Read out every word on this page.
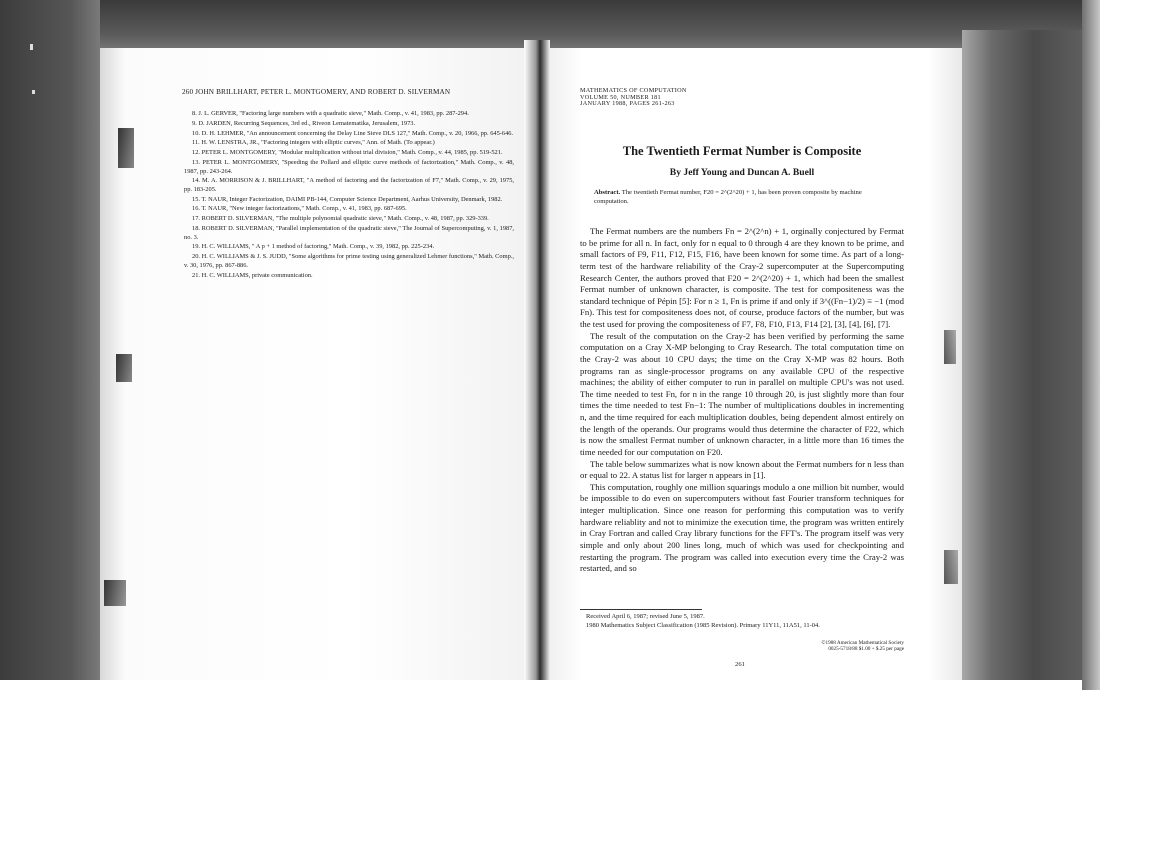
260 JOHN BRILLHART, PETER L. MONTGOMERY, AND ROBERT D. SILVERMAN
8. J. L. GERVER, "Factoring large numbers with a quadratic sieve," Math. Comp., v. 41, 1983, pp. 287-294.
9. D. JARDEN, Recurring Sequences, 3rd ed., Riveon Lematematika, Jerusalem, 1973.
10. D. H. LEHMER, "An announcement concerning the Delay Line Sieve DLS 127," Math. Comp., v. 20, 1966, pp. 645-646.
11. H. W. LENSTRA, JR., "Factoring integers with elliptic curves," Ann. of Math. (To appear.)
12. PETER L. MONTGOMERY, "Modular multiplication without trial division," Math. Comp., v. 44, 1985, pp. 519-521.
13. PETER L. MONTGOMERY, "Speeding the Pollard and elliptic curve methods of factorization," Math. Comp., v. 48, 1987, pp. 243-264.
14. M. A. MORRISON & J. BRILLHART, "A method of factoring and the factorization of F7," Math. Comp., v. 29, 1975, pp. 183-205.
15. T. NAUR, Integer Factorization, DAIMI PB-144, Computer Science Department, Aarhus University, Denmark, 1982.
16. T. NAUR, "New integer factorizations," Math. Comp., v. 41, 1983, pp. 687-695.
17. ROBERT D. SILVERMAN, "The multiple polynomial quadratic sieve," Math. Comp., v. 48, 1987, pp. 329-339.
18. ROBERT D. SILVERMAN, "Parallel implementation of the quadratic sieve," The Journal of Supercomputing, v. 1, 1987, no. 3.
19. H. C. WILLIAMS, " A p + 1 method of factoring," Math. Comp., v. 39, 1982, pp. 225-234.
20. H. C. WILLIAMS & J. S. JUDD, "Some algorithms for prime testing using generalized Lehmer functions," Math. Comp., v. 30, 1976, pp. 867-886.
21. H. C. WILLIAMS, private communication.
MATHEMATICS OF COMPUTATION
VOLUME 50, NUMBER 181
JANUARY 1988, PAGES 261-263
The Twentieth Fermat Number is Composite
By Jeff Young and Duncan A. Buell
Abstract. The twentieth Fermat number, F20 = 2^(2^20) + 1, has been proven composite by machine computation.

The Fermat numbers are the numbers Fn = 2^(2^n) + 1, orginally conjectured by Fermat to be prime for all n. In fact, only for n equal to 0 through 4 are they known to be prime, and small factors of F9, F11, F12, F15, F16, have been known for some time. As part of a long-term test of the hardware reliability of the Cray-2 supercomputer at the Supercomputing Research Center, the authors proved that F20 = 2^(2^20) + 1, which had been the smallest Fermat number of unknown character, is composite. The test for compositeness was the standard technique of Pépin [5]: For n ≥ 1, Fn is prime if and only if 3^((Fn−1)/2) ≡ −1 (mod Fn). This test for compositeness does not, of course, produce factors of the number, but was the test used for proving the compositeness of F7, F8, F10, F13, F14 [2], [3], [4], [6], [7].

The result of the computation on the Cray-2 has been verified by performing the same computation on a Cray X-MP belonging to Cray Research. The total computation time on the Cray-2 was about 10 CPU days; the time on the Cray X-MP was 82 hours. Both programs ran as single-processor programs on any available CPU of the respective machines; the ability of either computer to run in parallel on multiple CPU's was not used. The time needed to test Fn, for n in the range 10 through 20, is just slightly more than four times the time needed to test Fn−1: The number of multiplications doubles in incrementing n, and the time required for each multiplication doubles, being dependent almost entirely on the length of the operands. Our programs would thus determine the character of F22, which is now the smallest Fermat number of unknown character, in a little more than 16 times the time needed for our computation on F20.

The table below summarizes what is now known about the Fermat numbers for n less than or equal to 22. A status list for larger n appears in [1].

This computation, roughly one million squarings modulo a one million bit number, would be impossible to do even on supercomputers without fast Fourier transform techniques for integer multiplication. Since one reason for performing this computation was to verify hardware reliablity and not to minimize the execution time, the program was written entirely in Cray Fortran and called Cray library functions for the FFT's. The program itself was very simple and only about 200 lines long, much of which was used for checkpointing and restarting the program. The program was called into execution every time the Cray-2 was restarted, and so

Received April 6, 1987; revised June 5, 1987.
1980 Mathematics Subject Classification (1985 Revision). Primary 11Y11, 11A51, 11-04.
©1988 American Mathematical Society
0025-5718/88 $1.00 + $.25 per page
261
